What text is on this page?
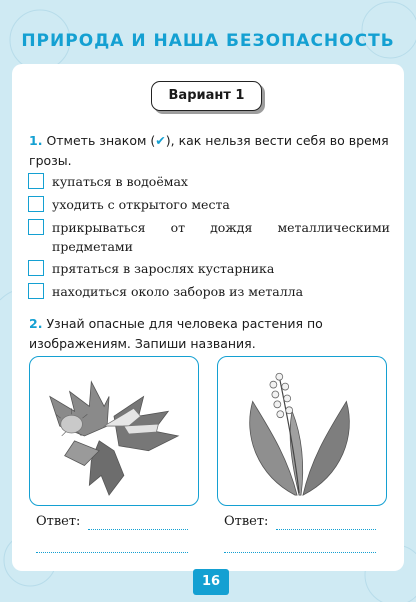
ПРИРОДА И НАША БЕЗОПАСНОСТЬ
Вариант 1
1. Отметь знаком (✔), как нельзя вести себя во время грозы.
купаться в водоёмах
уходить с открытого места
прикрываться от дождя металлическими предметами
прятаться в зарослях кустарника
находиться около заборов из металла
2. Узнай опасные для человека растения по изображениям. Запиши названия.
Ответ:	Ответ:
16
